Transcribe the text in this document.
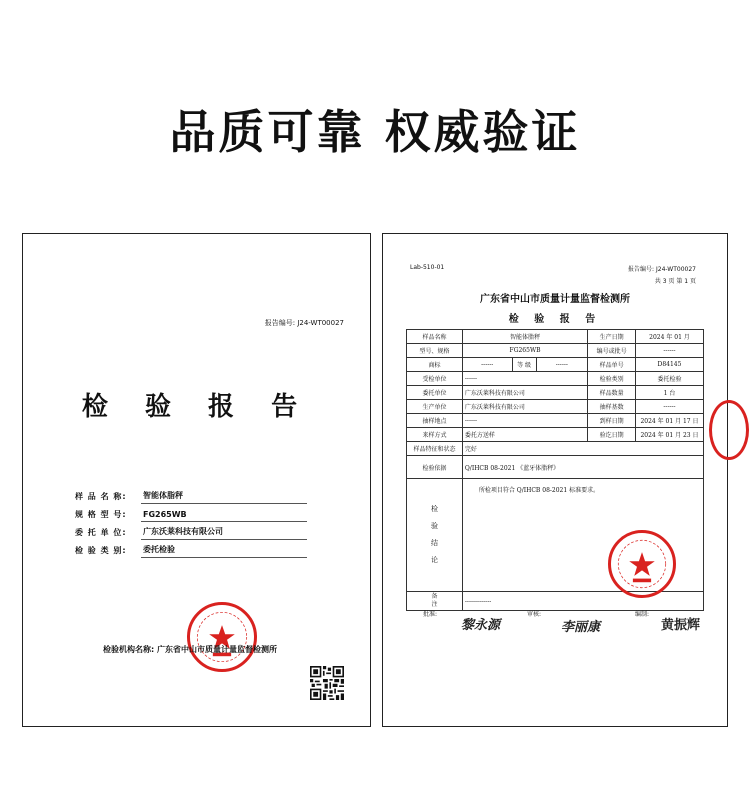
品质可靠 权威验证
报告编号: J24-WT00027
检 验 报 告
样 品 名 称:	智能体脂秤
规 格 型 号:	FG265WB
委 托 单 位:	广东沃莱科技有限公司
检 验 类 别:	委托检验
检验机构名称: 广东省中山市质量计量监督检测所
Lab-510-01	报告编号: J24-WT00027
共 3 页 第 1 页
广东省中山市质量计量监督检测所
检 验 报 告
样品名称	智能体脂秤			生产日期	2024 年 01 月
型号、规格	FG265WB			编号或批号	------
商标	------	等 级	------	样品单号	D84145
受检单位	------			检验类别	委托检验
委托单位	广东沃莱科技有限公司			样品数量	1 台
生产单位	广东沃莱科技有限公司			抽样基数	------
抽样地点	------			到样日期	2024 年 01 月 17 日
来样方式	委托方送样			验讫日期	2024 年 01 月 23 日
样品特征和状态	完好				
检验依据	Q/IHCB 08-2021 《蓝牙体脂秤》				

检
验
结
论	所检项目符合 Q/IHCB 08-2021 标准要求。				

备
注	-------------				
批准:	审核:	编制:
黎永源	李丽康	黄振辉
